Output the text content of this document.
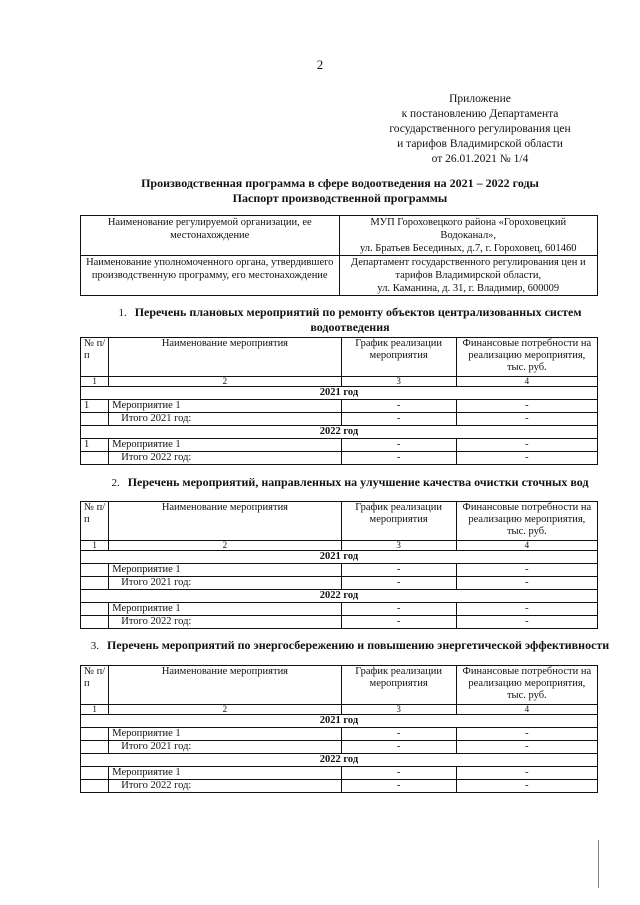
2
Приложение
к постановлению Департамента
государственного регулирования цен
и тарифов Владимирской области
от 26.01.2021 № 1/4
Производственная программа в сфере водоотведения на 2021 – 2022 годы
Паспорт производственной программы
Наименование регулируемой организации, ее местонахождение	МУП Гороховецкого района «Гороховецкий Водоканал»,
ул. Братьев Бесединых, д.7, г. Гороховец, 601460

Наименование уполномоченного органа, утвердившего производственную программу, его местонахождение	Департамент государственного регулирования цен и тарифов Владимирской области,
ул. Каманина, д. 31, г. Владимир, 600009
1. Перечень плановых мероприятий по ремонту объектов централизованных систем водоотведения
№ п/п	Наименование мероприятия	График реализации мероприятия	Финансовые потребности на реализацию мероприятия, тыс. руб.
1	2	3	4
2021 год			
1	Мероприятие 1	-	-
	Итого 2021 год:	-	-
2022 год			
1	Мероприятие 1	-	-
	Итого 2022 год:	-	-
2. Перечень мероприятий, направленных на улучшение качества очистки сточных вод
№ п/п	Наименование мероприятия	График реализации мероприятия	Финансовые потребности на реализацию мероприятия, тыс. руб.
1	2	3	4
2021 год			
	Мероприятие 1	-	-
	Итого 2021 год:	-	-
2022 год			
	Мероприятие 1	-	-
	Итого 2022 год:	-	-
3. Перечень мероприятий по энергосбережению и повышению энергетической эффективности
№ п/п	Наименование мероприятия	График реализации мероприятия	Финансовые потребности на реализацию мероприятия, тыс. руб.
1	2	3	4
2021 год			
	Мероприятие 1	-	-
	Итого 2021 год:	-	-
2022 год			
	Мероприятие 1	-	-
	Итого 2022 год:	-	-
